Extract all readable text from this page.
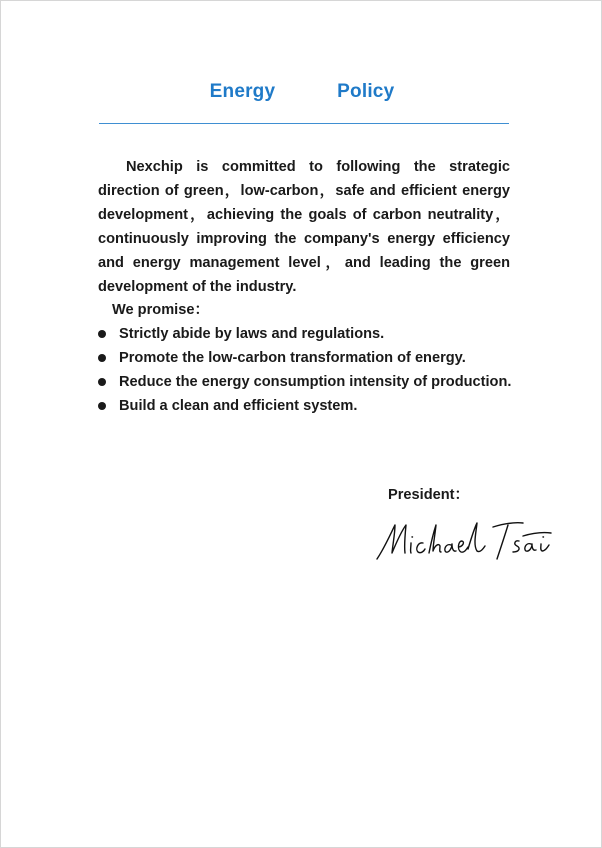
Energy    Policy
Nexchip is committed to following the strategic direction of green，low-carbon，safe and efficient energy development，achieving the goals of carbon neutrality， continuously improving the company's energy efficiency and energy management level，and leading the green development of the industry.
We promise：
Strictly abide by laws and regulations.
Promote the low-carbon transformation of energy.
Reduce the energy consumption intensity of production.
Build a clean and efficient system.
President：
